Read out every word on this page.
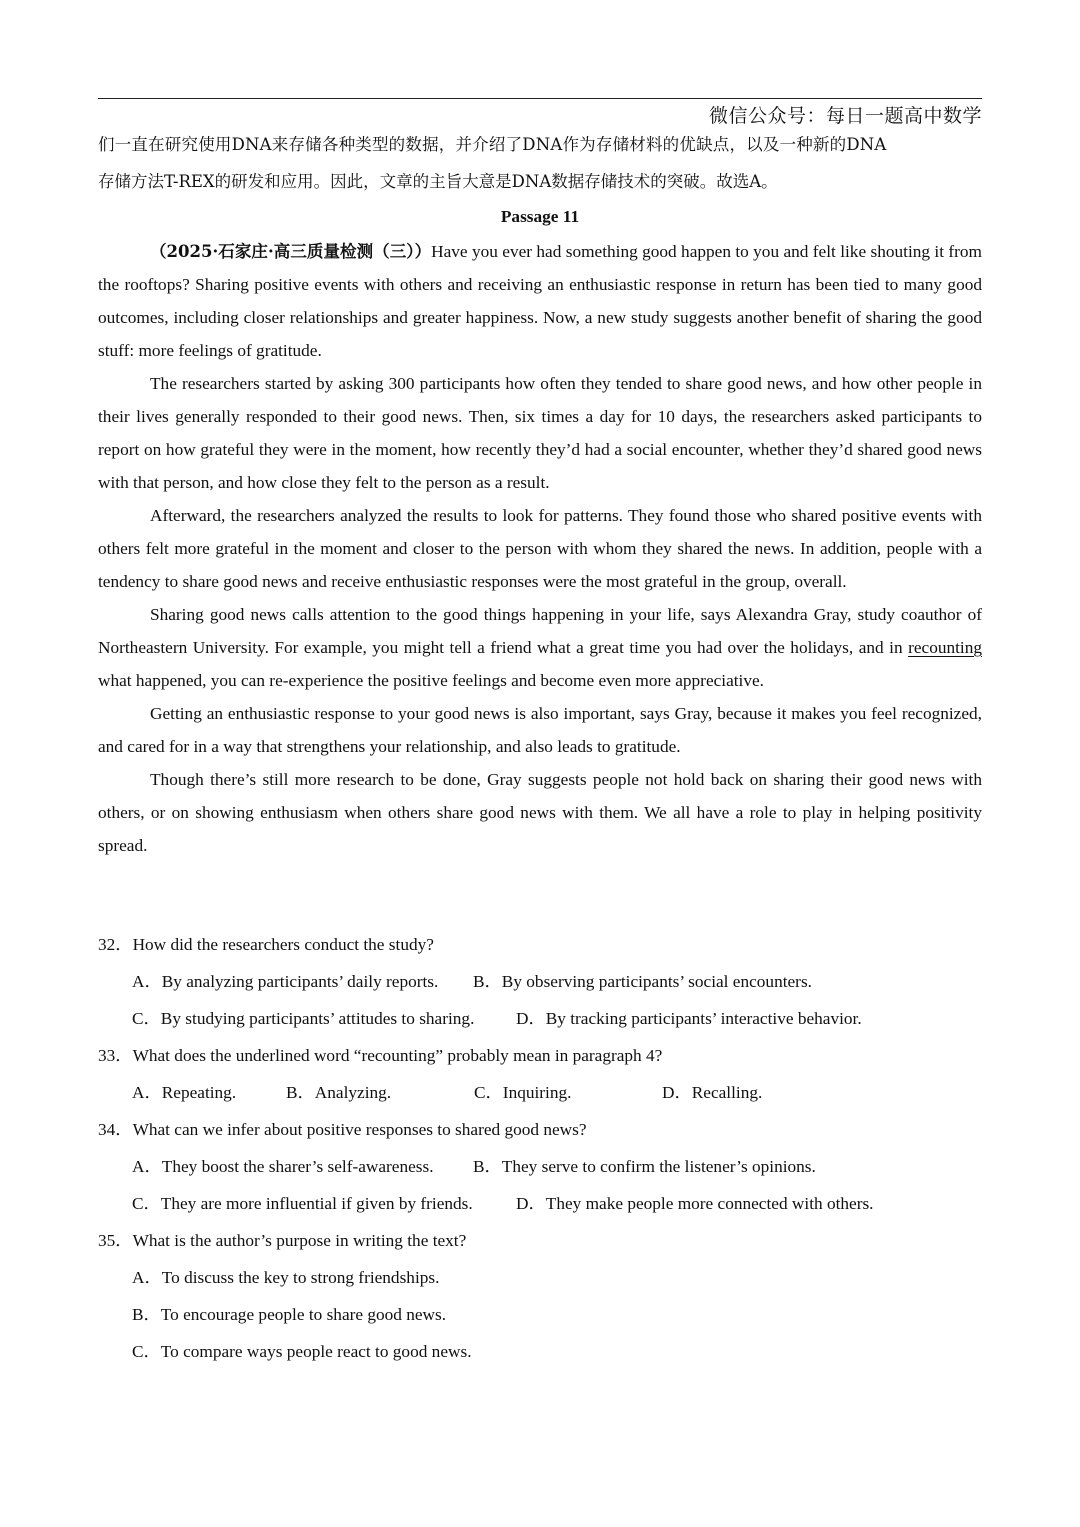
微信公众号：每日一题高中数学

们一直在研究使用DNA来存储各种类型的数据，并介绍了DNA作为存储材料的优缺点，以及一种新的DNA

存储方法T-REX的研发和应用。因此，文章的主旨大意是DNA数据存储技术的突破。故选A。

Passage 11

（2025·石家庄·高三质量检测（三））Have you ever had something good happen to you and felt like shouting it from the rooftops? Sharing positive events with others and receiving an enthusiastic response in return has been tied to many good outcomes, including closer relationships and greater happiness. Now, a new study suggests another benefit of sharing the good stuff: more feelings of gratitude.

The researchers started by asking 300 participants how often they tended to share good news, and how other people in their lives generally responded to their good news. Then, six times a day for 10 days, the researchers asked participants to report on how grateful they were in the moment, how recently they’d had a social encounter, whether they’d shared good news with that person, and how close they felt to the person as a result.

Afterward, the researchers analyzed the results to look for patterns. They found those who shared positive events with others felt more grateful in the moment and closer to the person with whom they shared the news. In addition, people with a tendency to share good news and receive enthusiastic responses were the most grateful in the group, overall.

Sharing good news calls attention to the good things happening in your life, says Alexandra Gray, study coauthor of Northeastern University. For example, you might tell a friend what a great time you had over the holidays, and in recounting what happened, you can re-experience the positive feelings and become even more appreciative.

Getting an enthusiastic response to your good news is also important, says Gray, because it makes you feel recognized, and cared for in a way that strengthens your relationship, and also leads to gratitude.

Though there’s still more research to be done, Gray suggests people not hold back on sharing their good news with others, or on showing enthusiasm when others share good news with them. We all have a role to play in helping positivity spread.

32．How did the researchers conduct the study?
A．By analyzing participants’ daily reports. B．By observing participants’ social encounters.
C．By studying participants’ attitudes to sharing. D．By tracking participants’ interactive behavior.
33．What does the underlined word “recounting” probably mean in paragraph 4?
A．Repeating.	B．Analyzing.	C．Inquiring.	D．Recalling.
34．What can we infer about positive responses to shared good news?
A．They boost the sharer’s self-awareness. B．They serve to confirm the listener’s opinions.
C．They are more influential if given by friends.	D．They make people more connected with others.
35．What is the author’s purpose in writing the text?
A．To discuss the key to strong friendships.
B．To encourage people to share good news.
C．To compare ways people react to good news.
